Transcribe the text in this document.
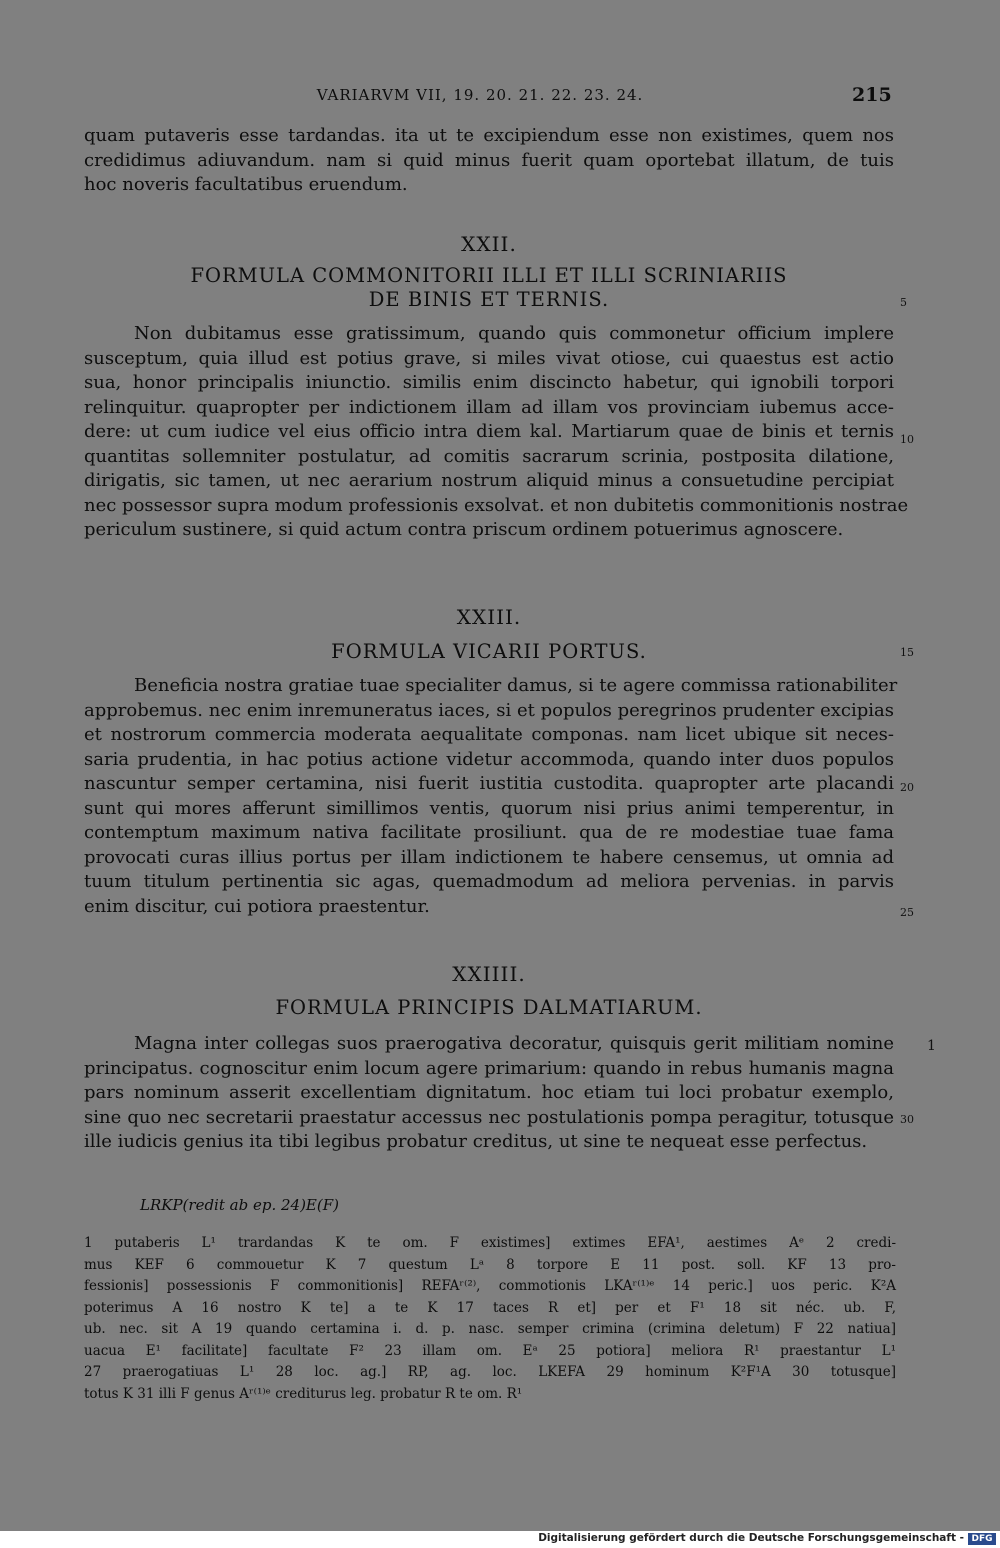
VARIARVM VII, 19. 20. 21. 22. 23. 24.	215
quam putaveris esse tardandas. ita ut te excipiendum esse non existimes, quem nos
credidimus adiuvandum. nam si quid minus fuerit quam oportebat illatum, de tuis
hoc noveris facultatibus eruendum.
XXII.
FORMULA COMMONITORII ILLI ET ILLI SCRINIARIIS
DE BINIS ET TERNIS.
Non dubitamus esse gratissimum, quando quis commonetur officium implere
susceptum, quia illud est potius grave, si miles vivat otiose, cui quaestus est actio
sua, honor principalis iniunctio. similis enim discincto habetur, qui ignobili torpori
relinquitur. quapropter per indictionem illam ad illam vos provinciam iubemus acce-
dere: ut cum iudice vel eius officio intra diem kal. Martiarum quae de binis et ternis
quantitas sollemniter postulatur, ad comitis sacrarum scrinia, postposita dilatione,
dirigatis, sic tamen, ut nec aerarium nostrum aliquid minus a consuetudine percipiat
nec possessor supra modum professionis exsolvat. et non dubitetis commonitionis nostrae
periculum sustinere, si quid actum contra priscum ordinem potuerimus agnoscere.
XXIII.
FORMULA VICARII PORTUS.
Beneficia nostra gratiae tuae specialiter damus, si te agere commissa rationabiliter
approbemus. nec enim inremuneratus iaces, si et populos peregrinos prudenter excipias
et nostrorum commercia moderata aequalitate componas. nam licet ubique sit neces-
saria prudentia, in hac potius actione videtur accommoda, quando inter duos populos
nascuntur semper certamina, nisi fuerit iustitia custodita. quapropter arte placandi
sunt qui mores afferunt simillimos ventis, quorum nisi prius animi temperentur, in
contemptum maximum nativa facilitate prosiliunt. qua de re modestiae tuae fama
provocati curas illius portus per illam indictionem te habere censemus, ut omnia ad
tuum titulum pertinentia sic agas, quemadmodum ad meliora pervenias. in parvis
enim discitur, cui potiora praestentur.
XXIIII.
FORMULA PRINCIPIS DALMATIARUM.
Magna inter collegas suos praerogativa decoratur, quisquis gerit militiam nomine
principatus. cognoscitur enim locum agere primarium: quando in rebus humanis magna
pars nominum asserit excellentiam dignitatum. hoc etiam tui loci probatur exemplo,
sine quo nec secretarii praestatur accessus nec postulationis pompa peragitur, totusque
ille iudicis genius ita tibi legibus probatur creditus, ut sine te nequeat esse perfectus.
5
10
15
20
25
1
30
LRKP(redit ab ep. 24)E(F)
1 putaberis L¹ trardandas K te om. F existimes] extimes EFA¹, aestimes Aᵉ 2 credi-
mus KEF 6 commouetur K 7 questum Lᵃ 8 torpore E 11 post. soll. KF 13 pro-
fessionis] possessionis F commonitionis] REFAʳ⁽²⁾, commotionis LKAʳ⁽¹⁾ᵉ 14 peric.] uos peric. K²A
poterimus A 16 nostro K te] a te K 17 taces R et] per et F¹ 18 sit néc. ub. F,
ub. nec. sit A 19 quando certamina i. d. p. nasc. semper crimina (crimina deletum) F 22 natiua]
uacua E¹ facilitate] facultate F² 23 illam om. Eᵃ 25 potiora] meliora R¹ praestantur L¹
27 praerogatiuas L¹ 28 loc. ag.] RP, ag. loc. LKEFA 29 hominum K²F¹A 30 totusque]
totus K 31 illi F genus Aʳ⁽¹⁾ᵉ crediturus leg. probatur R te om. R¹
Digitalisierung gefördert durch die Deutsche Forschungsgemeinschaft - DFG
